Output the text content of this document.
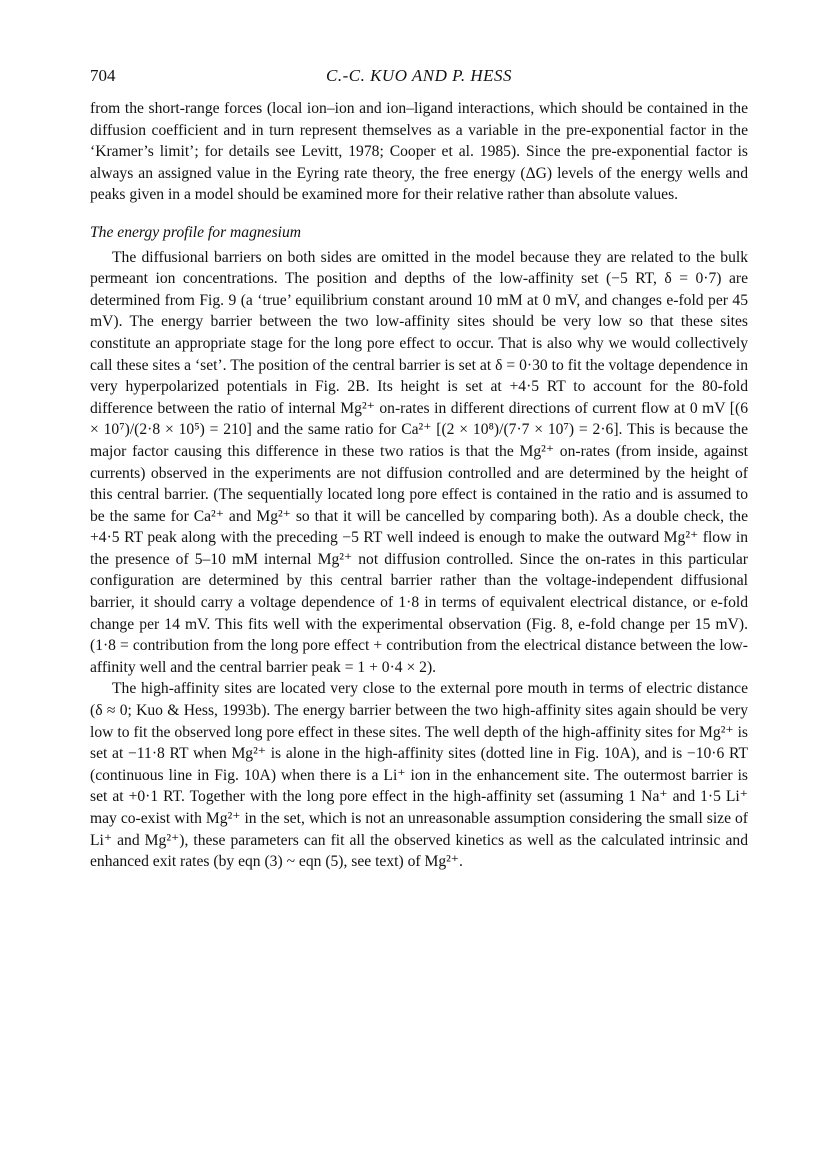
704	C.-C. KUO AND P. HESS

from the short-range forces (local ion–ion and ion–ligand interactions, which should be contained in the diffusion coefficient and in turn represent themselves as a variable in the pre-exponential factor in the ‘Kramer’s limit’; for details see Levitt, 1978; Cooper et al. 1985). Since the pre-exponential factor is always an assigned value in the Eyring rate theory, the free energy (ΔG) levels of the energy wells and peaks given in a model should be examined more for their relative rather than absolute values.

The energy profile for magnesium

The diffusional barriers on both sides are omitted in the model because they are related to the bulk permeant ion concentrations. The position and depths of the low-affinity set (−5 RT, δ = 0·7) are determined from Fig. 9 (a ‘true’ equilibrium constant around 10 mM at 0 mV, and changes e-fold per 45 mV). The energy barrier between the two low-affinity sites should be very low so that these sites constitute an appropriate stage for the long pore effect to occur. That is also why we would collectively call these sites a ‘set’. The position of the central barrier is set at δ = 0·30 to fit the voltage dependence in very hyperpolarized potentials in Fig. 2B. Its height is set at +4·5 RT to account for the 80-fold difference between the ratio of internal Mg²⁺ on-rates in different directions of current flow at 0 mV [(6 × 10⁷)/(2·8 × 10⁵) = 210] and the same ratio for Ca²⁺ [(2 × 10⁸)/(7·7 × 10⁷) = 2·6]. This is because the major factor causing this difference in these two ratios is that the Mg²⁺ on-rates (from inside, against currents) observed in the experiments are not diffusion controlled and are determined by the height of this central barrier. (The sequentially located long pore effect is contained in the ratio and is assumed to be the same for Ca²⁺ and Mg²⁺ so that it will be cancelled by comparing both). As a double check, the +4·5 RT peak along with the preceding −5 RT well indeed is enough to make the outward Mg²⁺ flow in the presence of 5–10 mM internal Mg²⁺ not diffusion controlled. Since the on-rates in this particular configuration are determined by this central barrier rather than the voltage-independent diffusional barrier, it should carry a voltage dependence of 1·8 in terms of equivalent electrical distance, or e-fold change per 14 mV. This fits well with the experimental observation (Fig. 8, e-fold change per 15 mV). (1·8 = contribution from the long pore effect + contribution from the electrical distance between the low-affinity well and the central barrier peak = 1 + 0·4 × 2).

The high-affinity sites are located very close to the external pore mouth in terms of electric distance (δ ≈ 0; Kuo & Hess, 1993b). The energy barrier between the two high-affinity sites again should be very low to fit the observed long pore effect in these sites. The well depth of the high-affinity sites for Mg²⁺ is set at −11·8 RT when Mg²⁺ is alone in the high-affinity sites (dotted line in Fig. 10A), and is −10·6 RT (continuous line in Fig. 10A) when there is a Li⁺ ion in the enhancement site. The outermost barrier is set at +0·1 RT. Together with the long pore effect in the high-affinity set (assuming 1 Na⁺ and 1·5 Li⁺ may co-exist with Mg²⁺ in the set, which is not an unreasonable assumption considering the small size of Li⁺ and Mg²⁺), these parameters can fit all the observed kinetics as well as the calculated intrinsic and enhanced exit rates (by eqn (3) ~ eqn (5), see text) of Mg²⁺.
